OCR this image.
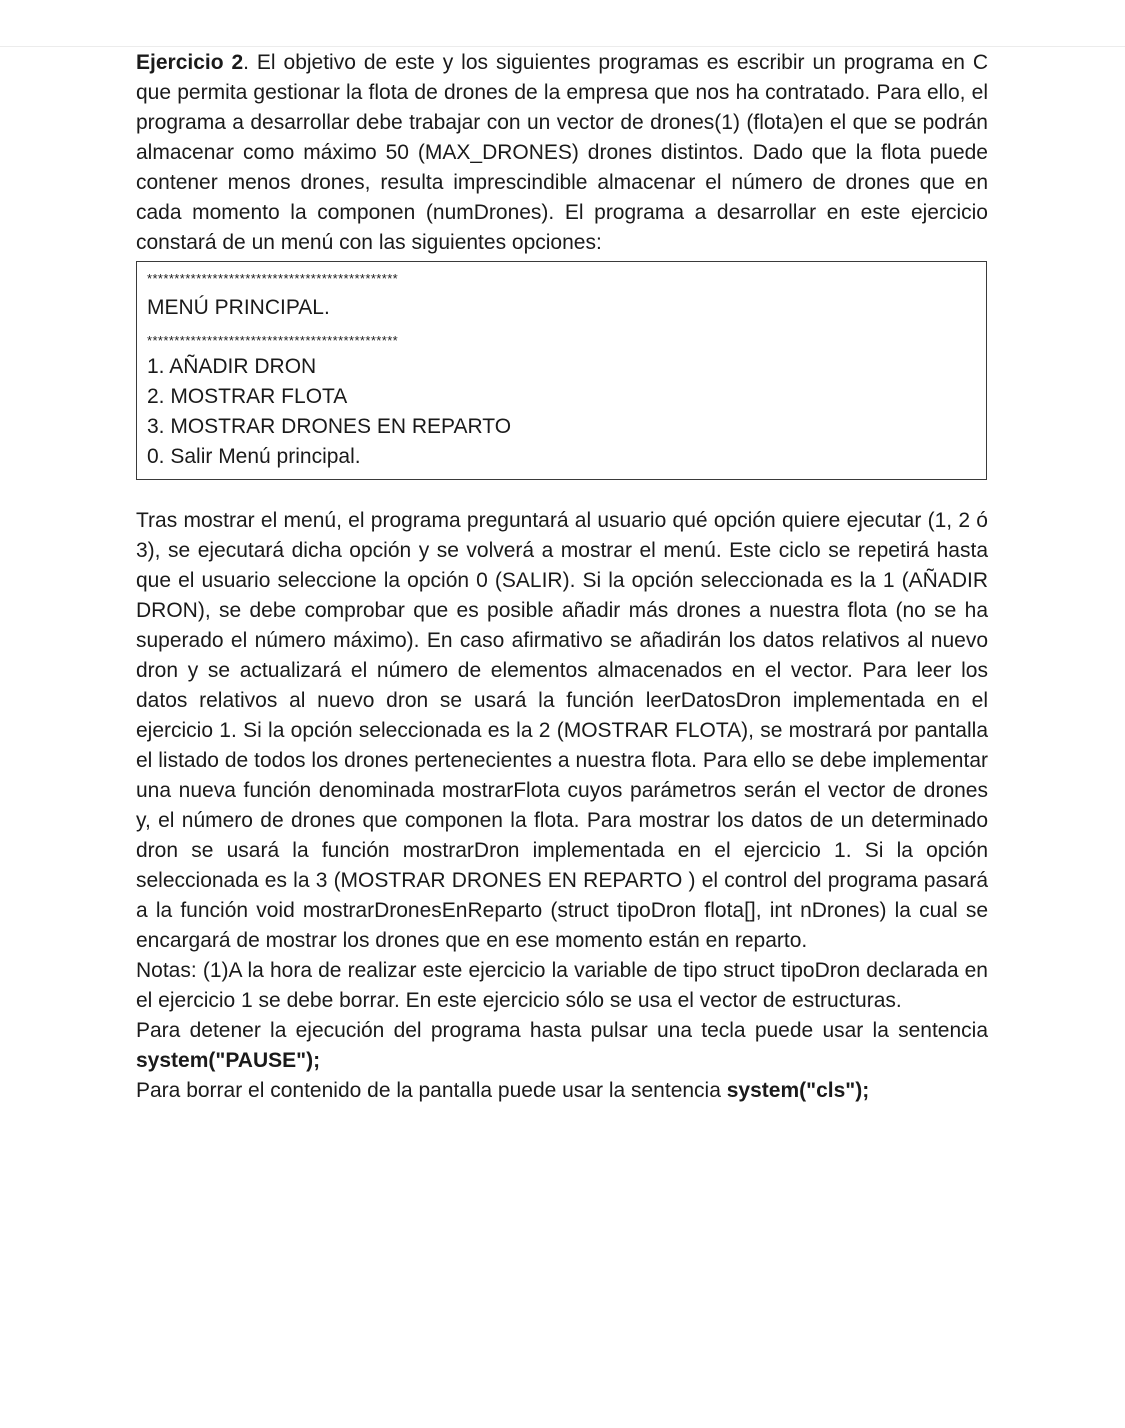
Ejercicio 2. El objetivo de este y los siguientes programas es escribir un programa en C que permita gestionar la flota de drones de la empresa que nos ha contratado. Para ello, el programa a desarrollar debe trabajar con un vector de drones(1) (flota)en el que se podrán almacenar como máximo 50 (MAX_DRONES) drones distintos. Dado que la flota puede contener menos drones, resulta imprescindible almacenar el número de drones que en cada momento la componen (numDrones). El programa a desarrollar en este ejercicio constará de un menú con las siguientes opciones:

**********************************************
MENÚ PRINCIPAL.
**********************************************
1. AÑADIR DRON
2. MOSTRAR FLOTA
3. MOSTRAR DRONES EN REPARTO
0. Salir Menú principal.

Tras mostrar el menú, el programa preguntará al usuario qué opción quiere ejecutar (1, 2 ó 3), se ejecutará dicha opción y se volverá a mostrar el menú. Este ciclo se repetirá hasta que el usuario seleccione la opción 0 (SALIR). Si la opción seleccionada es la 1 (AÑADIR DRON), se debe comprobar que es posible añadir más drones a nuestra flota (no se ha superado el número máximo). En caso afirmativo se añadirán los datos relativos al nuevo dron y se actualizará el número de elementos almacenados en el vector. Para leer los datos relativos al nuevo dron se usará la función leerDatosDron implementada en el ejercicio 1. Si la opción seleccionada es la 2 (MOSTRAR FLOTA), se mostrará por pantalla el listado de todos los drones pertenecientes a nuestra flota. Para ello se debe implementar una nueva función denominada mostrarFlota cuyos parámetros serán el vector de drones y, el número de drones que componen la flota. Para mostrar los datos de un determinado dron se usará la función mostrarDron implementada en el ejercicio 1. Si la opción seleccionada es la 3 (MOSTRAR DRONES EN REPARTO ) el control del programa pasará a la función void mostrarDronesEnReparto (struct tipoDron flota[], int nDrones) la cual se encargará de mostrar los drones que en ese momento están en reparto.

Notas: (1)A la hora de realizar este ejercicio la variable de tipo struct tipoDron declarada en el ejercicio 1 se debe borrar. En este ejercicio sólo se usa el vector de estructuras.

Para detener la ejecución del programa hasta pulsar una tecla puede usar la sentencia system("PAUSE");

Para borrar el contenido de la pantalla puede usar la sentencia system("cls");
